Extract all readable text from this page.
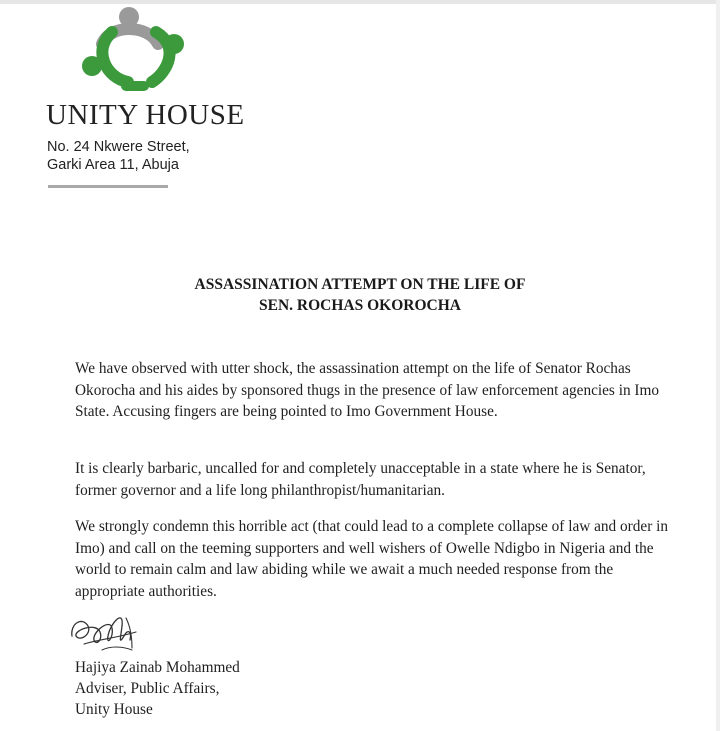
UNITY HOUSE
No. 24 Nkwere Street,
Garki Area 11, Abuja
ASSASSINATION ATTEMPT ON THE LIFE OF
SEN. ROCHAS OKOROCHA

We have observed with utter shock, the assassination attempt on the life of Senator Rochas Okorocha and his aides by sponsored thugs in the presence of law enforcement agencies in Imo State. Accusing fingers are being pointed to Imo Government House.

It is clearly barbaric, uncalled for and completely unacceptable in a state where he is Senator, former governor and a life long philanthropist/humanitarian.

We strongly condemn this horrible act (that could lead to a complete collapse of law and order in Imo) and call on the teeming supporters and well wishers of Owelle Ndigbo in Nigeria and the world to remain calm and law abiding while we await a much needed response from the appropriate authorities.

Hajiya Zainab Mohammed
Adviser, Public Affairs,
Unity House
